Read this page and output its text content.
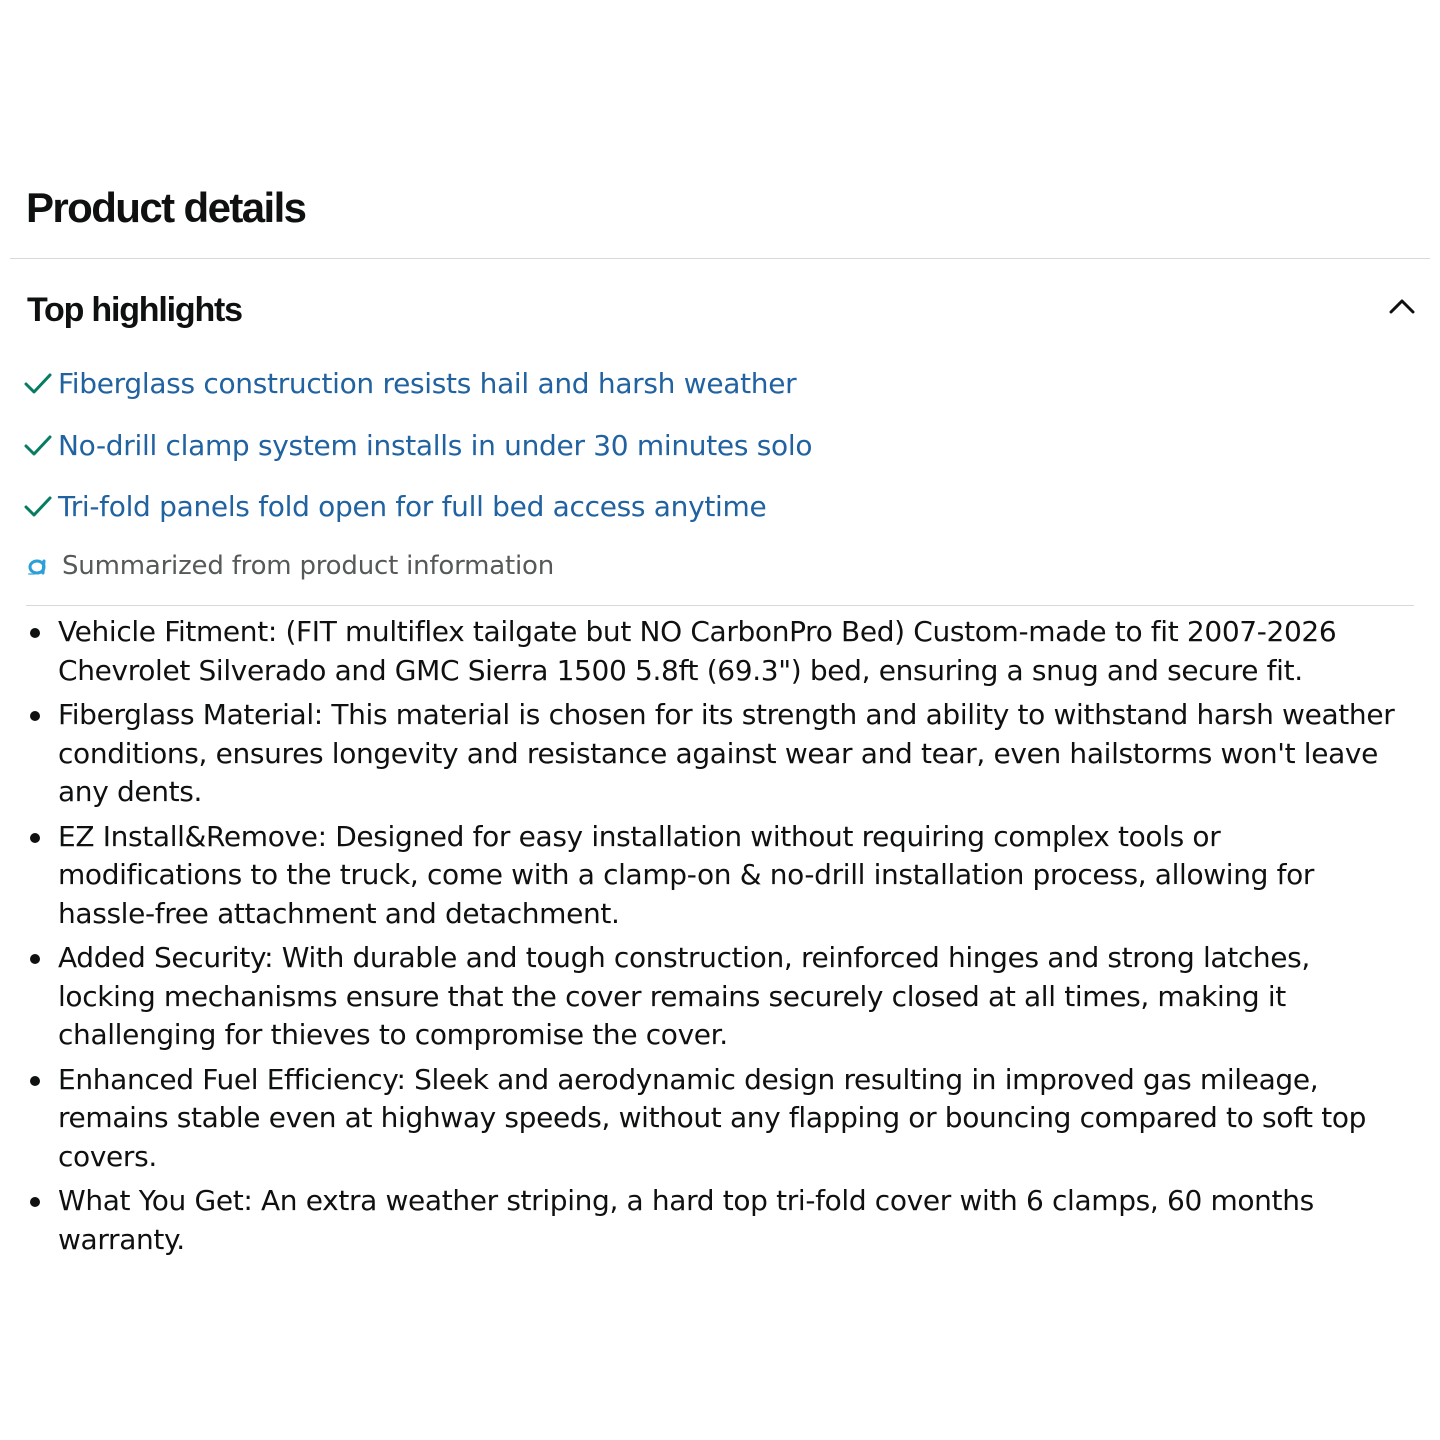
Product details
Top highlights
Fiberglass construction resists hail and harsh weather
No-drill clamp system installs in under 30 minutes solo
Tri-fold panels fold open for full bed access anytime
Summarized from product information
Vehicle Fitment: (FIT multiflex tailgate but NO CarbonPro Bed) Custom-made to fit 2007-2026 Chevrolet Silverado and GMC Sierra 1500 5.8ft (69.3") bed, ensuring a snug and secure fit.
Fiberglass Material: This material is chosen for its strength and ability to withstand harsh weather conditions, ensures longevity and resistance against wear and tear, even hailstorms won't leave any dents.
EZ Install&Remove: Designed for easy installation without requiring complex tools or modifications to the truck, come with a clamp-on & no-drill installation process, allowing for hassle-free attachment and detachment.
Added Security: With durable and tough construction, reinforced hinges and strong latches, locking mechanisms ensure that the cover remains securely closed at all times, making it challenging for thieves to compromise the cover.
Enhanced Fuel Efficiency: Sleek and aerodynamic design resulting in improved gas mileage, remains stable even at highway speeds, without any flapping or bouncing compared to soft top covers.
What You Get: An extra weather striping, a hard top tri-fold cover with 6 clamps, 60 months warranty.
